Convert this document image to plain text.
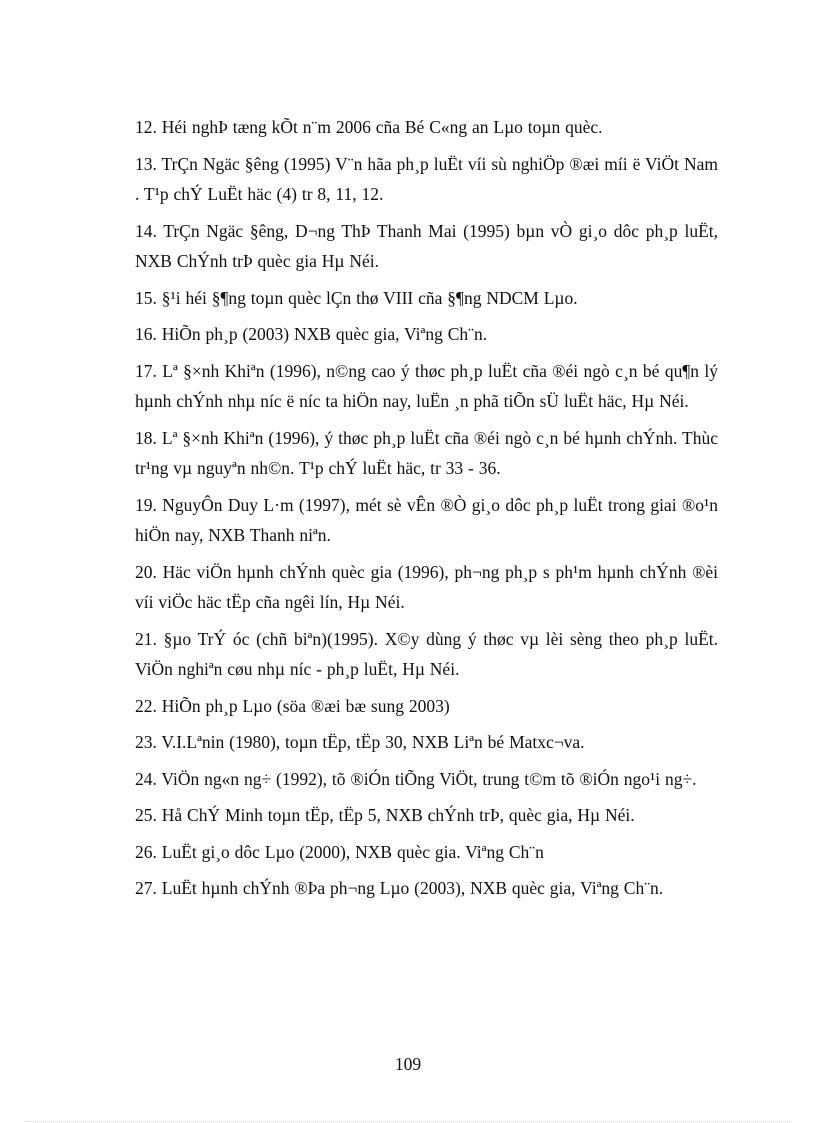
12. Héi nghÞ tæng kÕt n¨m 2006 cña Bé C«ng an Lµo toµn quèc.

13. TrÇn Ngäc §êng (1995) V¨n hãa ph¸p luËt víi sù nghiÖp ®æi míi ë ViÖt Nam . T¹p chÝ LuËt häc (4) tr 8, 11, 12.

14. TrÇn Ngäc §êng, D¬ng ThÞ Thanh Mai (1995) bµn vÒ gi¸o dôc ph¸p luËt, NXB ChÝnh trÞ quèc gia Hµ Néi.

15. §¹i héi §¶ng toµn quèc lÇn thø VIII cña §¶ng NDCM Lµo.

16. HiÕn ph¸p (2003) NXB quèc gia, Viªng Ch¨n.

17. Lª §×nh Khiªn (1996), n©ng cao ý thøc ph¸p luËt cña ®éi ngò c¸n bé qu¶n lý hµnh chÝnh nhµ níc ë níc ta hiÖn nay, luËn ¸n phã tiÕn sÜ luËt häc, Hµ Néi.

18. Lª §×nh Khiªn (1996), ý thøc ph¸p luËt cña ®éi ngò c¸n bé hµnh chÝnh. Thùc tr¹ng vµ nguyªn nh©n. T¹p chÝ luËt häc, tr 33 - 36.

19. NguyÔn Duy L·m (1997), mét sè vÊn ®Ò gi¸o dôc ph¸p luËt trong giai ®o¹n hiÖn nay, NXB Thanh niªn.

20. Häc viÖn hµnh chÝnh quèc gia (1996), ph¬ng ph¸p s ph¹m hµnh chÝnh ®èi víi viÖc häc tËp cña ngêi lín, Hµ Néi.

21. §µo TrÝ óc (chñ biªn)(1995). X©y dùng ý thøc vµ lèi sèng theo ph¸p luËt. ViÖn nghiªn cøu nhµ níc - ph¸p luËt, Hµ Néi.

22. HiÕn ph¸p Lµo (söa ®æi bæ sung 2003)

23. V.I.Lªnin (1980), toµn tËp, tËp 30, NXB Liªn bé Matxc¬va.

24. ViÖn ng«n ng÷ (1992), tõ ®iÓn tiÕng ViÖt, trung t©m tõ ®iÓn ngo¹i ng÷.

25. Hå ChÝ Minh toµn tËp, tËp 5, NXB chÝnh trÞ, quèc gia, Hµ Néi.

26. LuËt gi¸o dôc Lµo (2000), NXB quèc gia. Viªng Ch¨n

27. LuËt hµnh chÝnh ®Þa ph¬ng Lµo (2003), NXB quèc gia, Viªng Ch¨n.

109
